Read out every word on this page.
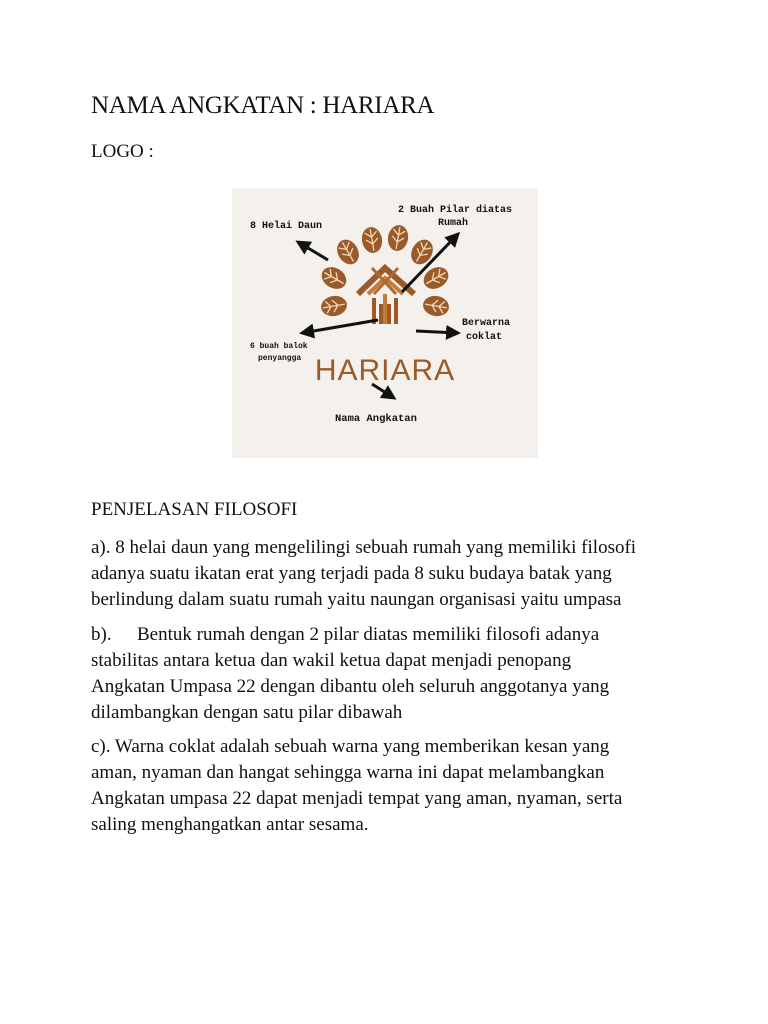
NAMA ANGKATAN : HARIARA
LOGO :
HARIARA
8 Helai Daun
2 Buah Pilar diatas
Rumah
Berwarna
coklat
Nama Angkatan
6 buah balok
penyangga
PENJELASAN FILOSOFI

a). 8 helai daun yang mengelilingi sebuah rumah yang memiliki filosofi
adanya suatu ikatan erat yang terjadi pada 8 suku budaya batak yang
berlindung dalam suatu rumah yaitu naungan organisasi yaitu umpasa

b). Bentuk rumah dengan 2 pilar diatas memiliki filosofi adanya
stabilitas antara ketua dan wakil ketua dapat menjadi penopang
Angkatan Umpasa 22 dengan dibantu oleh seluruh anggotanya yang
dilambangkan dengan satu pilar dibawah

c). Warna coklat adalah sebuah warna yang memberikan kesan yang
aman, nyaman dan hangat sehingga warna ini dapat melambangkan
Angkatan umpasa 22 dapat menjadi tempat yang aman, nyaman, serta
saling menghangatkan antar sesama.
